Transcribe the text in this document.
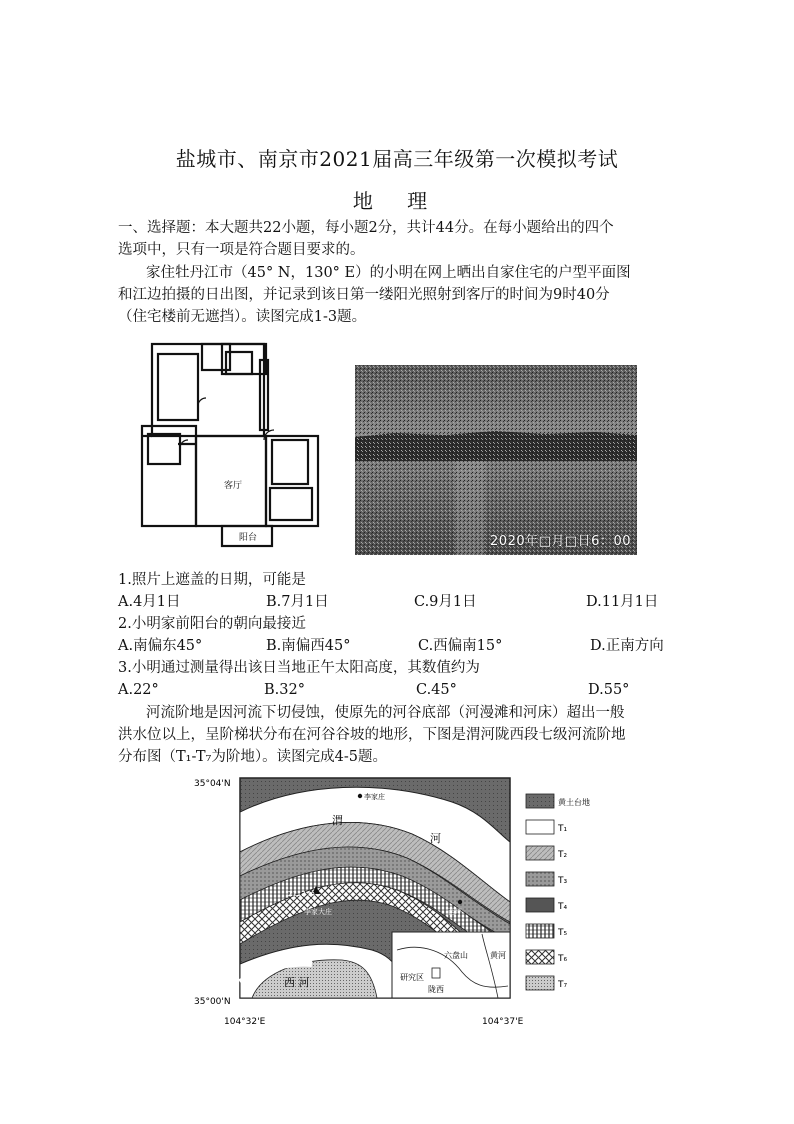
盐城市、南京市2021届高三年级第一次模拟考试
地 理
一、选择题：本大题共22小题，每小题2分，共计44分。在每小题给出的四个
选项中，只有一项是符合题目要求的。
家住牡丹江市（45° N，130° E）的小明在网上晒出自家住宅的户型平面图
和江边拍摄的日出图，并记录到该日第一缕阳光照射到客厅的时间为9时40分
（住宅楼前无遮挡）。读图完成1-3题。
客厅
阳台	2020年□月□日6：00
1.照片上遮盖的日期，可能是
A.4月1日	B.7月1日	C.9月1日	D.11月1日
2.小明家前阳台的朝向最接近
A.南偏东45°	B.南偏西45°	C.西偏南15°	D.正南方向
3.小明通过测量得出该日当地正午太阳高度，其数值约为
A.22°	B.32°	C.45°	D.55°
河流阶地是因河流下切侵蚀，使原先的河谷底部（河漫滩和河床）超出一般
洪水位以上，呈阶梯状分布在河谷谷坡的地形，下图是渭河陇西段七级河流阶地
分布图（T₁-T₇为阶地）。读图完成4-5题。
35°04'N
35°00'N
104°32'E	104°37'E
李家庄
渭
河
西坪
2112 m
李家大庄
西 河
六盘山	黄河
研究区
陇西
黄土台地
T₁
T₂
T₃
T₄
T₅
T₆
T₇
